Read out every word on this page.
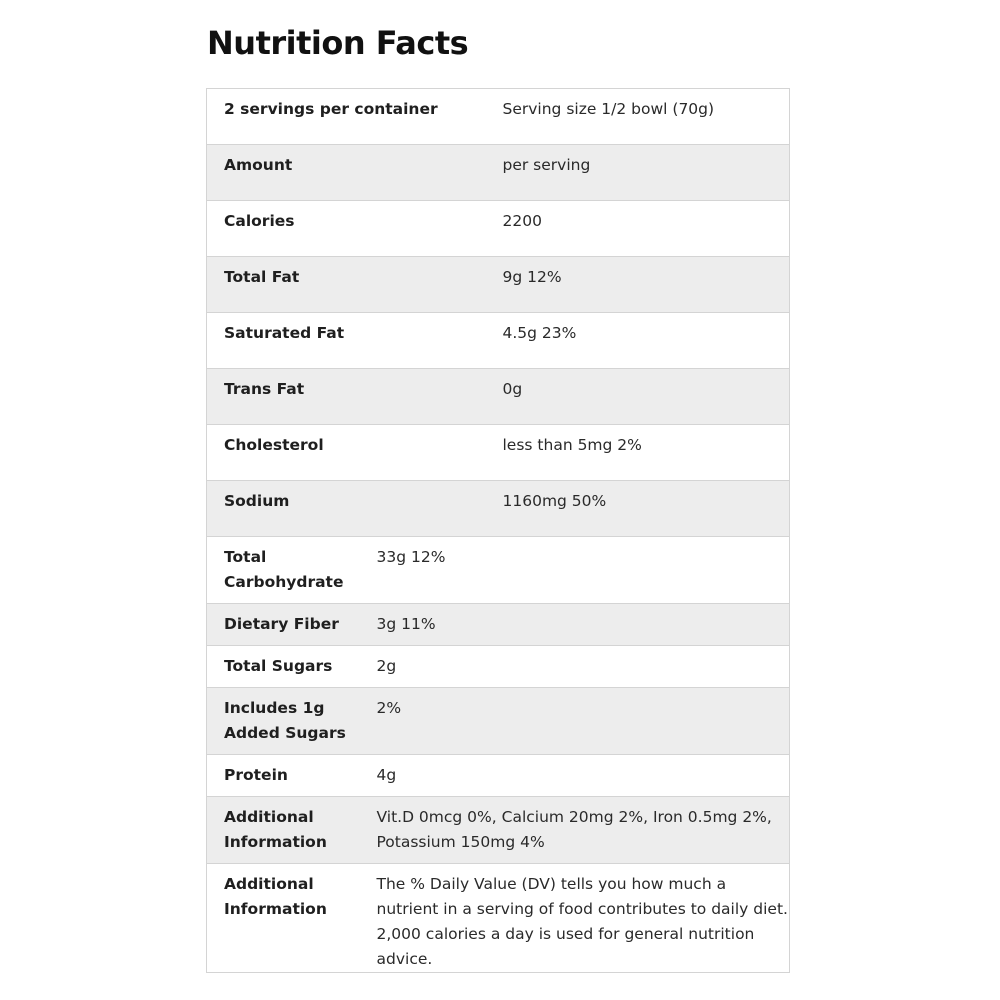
Nutrition Facts
2 servings per container		Serving size 1/2 bowl (70g)

Amount		per serving

Calories		2200

Total Fat		9g 12%

Saturated Fat		4.5g 23%

Trans Fat		0g

Cholesterol		less than 5mg 2%

Sodium		1160mg 50%

Total Carbohydrate	33g 12%	

Dietary Fiber	3g 11%	

Total Sugars	2g	

Includes 1g Added Sugars	2%	

Protein	4g	

Additional Information	Vit.D 0mcg 0%, Calcium 20mg 2%, Iron 0.5mg 2%, Potassium 150mg 4%	

Additional Information	The % Daily Value (DV) tells you how much a nutrient in a serving of food contributes to daily diet. 2,000 calories a day is used for general nutrition advice.	
